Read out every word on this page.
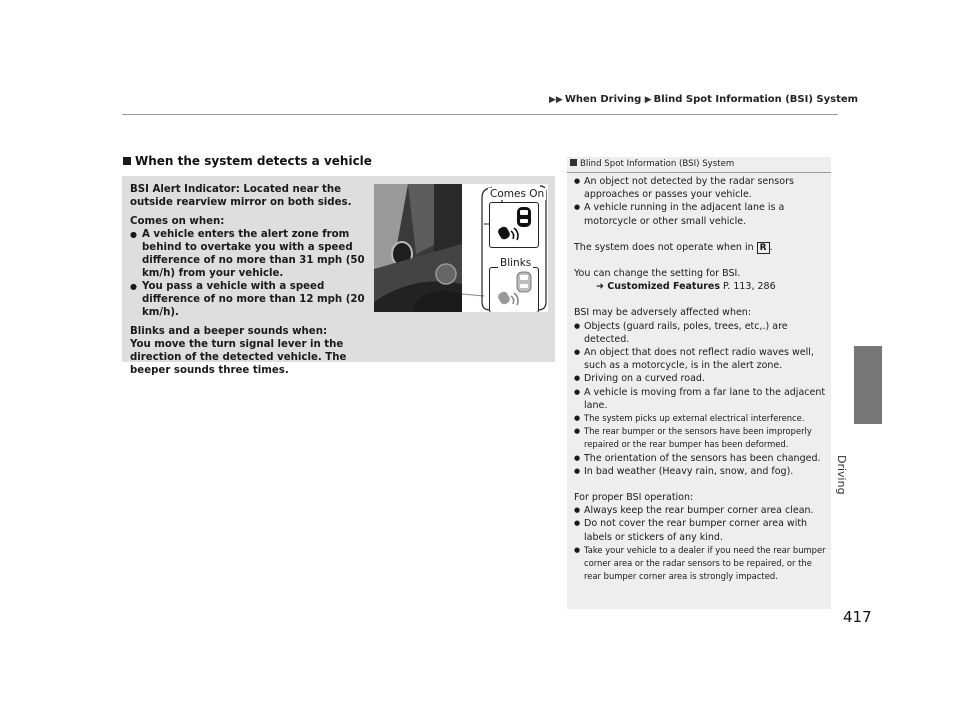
▶▶ When Driving ▶ Blind Spot Information (BSI) System
When the system detects a vehicle

BSI Alert Indicator: Located near the outside rearview mirror on both sides.

Comes on when:

● A vehicle enters the alert zone from behind to overtake you with a speed difference of no more than 31 mph (50 km/h) from your vehicle.
● You pass a vehicle with a speed difference of no more than 12 mph (20 km/h).

Blinks and a beeper sounds when:

You move the turn signal lever in the direction of the detected vehicle. The beeper sounds three times.

Comes On
Blinks
Driving
Blind Spot Information (BSI) System
● An object not detected by the radar sensors approaches or passes your vehicle.
● A vehicle running in the adjacent lane is a motorcycle or other small vehicle.

The system does not operate when in R .

You can change the setting for BSI.

➜ Customized Features P. 113, 286

BSI may be adversely affected when:

● Objects (guard rails, poles, trees, etc,.) are detected.
● An object that does not reflect radio waves well, such as a motorcycle, is in the alert zone.
● Driving on a curved road.
● A vehicle is moving from a far lane to the adjacent lane.
● The system picks up external electrical interference.
● The rear bumper or the sensors have been improperly repaired or the rear bumper has been deformed.
● The orientation of the sensors has been changed.
● In bad weather (Heavy rain, snow, and fog).

For proper BSI operation:

● Always keep the rear bumper corner area clean.
● Do not cover the rear bumper corner area with labels or stickers of any kind.
● Take your vehicle to a dealer if you need the rear bumper corner area or the radar sensors to be repaired, or the rear bumper corner area is strongly impacted.
417
